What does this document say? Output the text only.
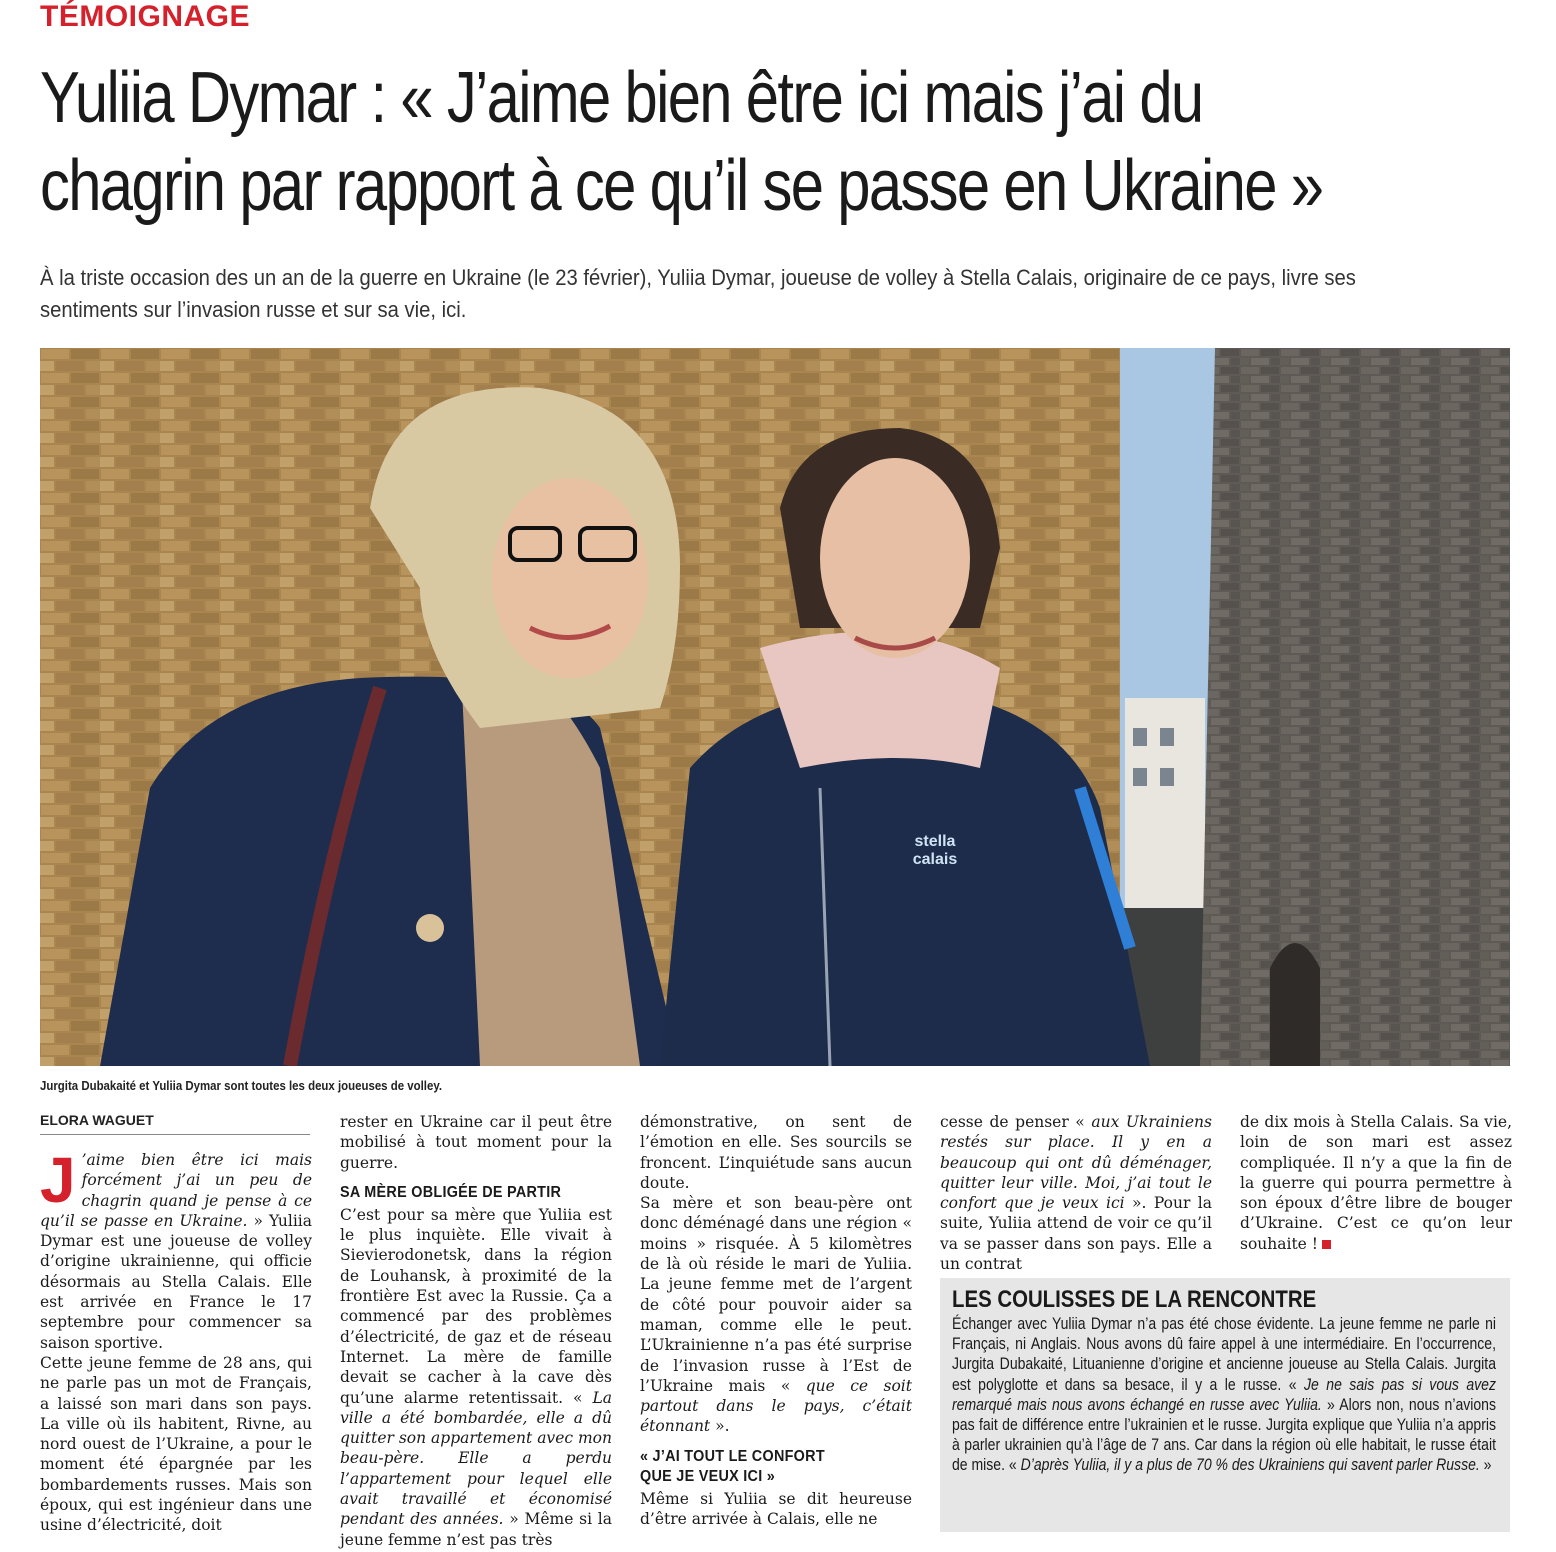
TÉMOIGNAGE
Yuliia Dymar : « J’aime bien être ici mais j’ai du
chagrin par rapport à ce qu’il se passe en Ukraine »
À la triste occasion des un an de la guerre en Ukraine (le 23 février), Yuliia Dymar, joueuse de volley à Stella Calais, originaire de ce pays, livre ses
sentiments sur l’invasion russe et sur sa vie, ici.
stella
calais
Jurgita Dubakaité et Yuliia Dymar sont toutes les deux joueuses de volley.
ELORA WAGUET

J ’aime bien être ici mais forcément j’ai un peu de chagrin quand je pense à ce qu’il se passe en Ukraine. » Yuliia Dymar est une joueuse de volley d’origine ukrainienne, qui officie désormais au Stella Calais. Elle est arrivée en France le 17 septembre pour commencer sa saison sportive.

Cette jeune femme de 28 ans, qui ne parle pas un mot de Français, a laissé son mari dans son pays. La ville où ils habitent, Rivne, au nord ouest de l’Ukraine, a pour le moment été épargnée par les bombardements russes. Mais son époux, qui est ingénieur dans une usine d’électricité, doit

rester en Ukraine car il peut être mobilisé à tout moment pour la guerre.

SA MÈRE OBLIGÉE DE PARTIR

C’est pour sa mère que Yuliia est le plus inquiète. Elle vivait à Sievierodonetsk, dans la région de Louhansk, à proximité de la frontière Est avec la Russie. Ça a commencé par des problèmes d’électricité, de gaz et de réseau Internet. La mère de famille devait se cacher à la cave dès qu’une alarme retentissait. « La ville a été bombardée, elle a dû quitter son appartement avec mon beau-père. Elle a perdu l’appartement pour lequel elle avait travaillé et économisé pendant des années. » Même si la jeune femme n’est pas très

démonstrative, on sent de l’émotion en elle. Ses sourcils se froncent. L’inquiétude sans aucun doute.

Sa mère et son beau-père ont donc déménagé dans une région « moins » risquée. À 5 kilomètres de là où réside le mari de Yuliia. La jeune femme met de l’argent de côté pour pouvoir aider sa maman, comme elle le peut. L’Ukrainienne n’a pas été surprise de l’invasion russe à l’Est de l’Ukraine mais « que ce soit partout dans le pays, c’était étonnant ».

« J’AI TOUT LE CONFORT
QUE JE VEUX ICI »

Même si Yuliia se dit heureuse d’être arrivée à Calais, elle ne

cesse de penser « aux Ukrainiens restés sur place. Il y en a beaucoup qui ont dû déménager, quitter leur ville. Moi, j’ai tout le confort que je veux ici ». Pour la suite, Yuliia attend de voir ce qu’il va se passer dans son pays. Elle a un contrat

de dix mois à Stella Calais. Sa vie, loin de son mari est assez compliquée. Il n’y a que la fin de la guerre qui pourra permettre à son époux d’être libre de bouger d’Ukraine. C’est ce qu’on leur souhaite !

LES COULISSES DE LA RENCONTRE
Échanger avec Yuliia Dymar n’a pas été chose évidente. La jeune femme ne parle ni Français, ni Anglais. Nous avons dû faire appel à une intermédiaire. En l’occurrence, Jurgita Dubakaité, Lituanienne d’origine et ancienne joueuse au Stella Calais. Jurgita est polyglotte et dans sa besace, il y a le russe. « Je ne sais pas si vous avez remarqué mais nous avons échangé en russe avec Yuliia. » Alors non, nous n’avions pas fait de différence entre l’ukrainien et le russe. Jurgita explique que Yuliia n’a appris à parler ukrainien qu’à l’âge de 7 ans. Car dans la région où elle habitait, le russe était de mise. « D’après Yuliia, il y a plus de 70 % des Ukrainiens qui savent parler Russe. »
